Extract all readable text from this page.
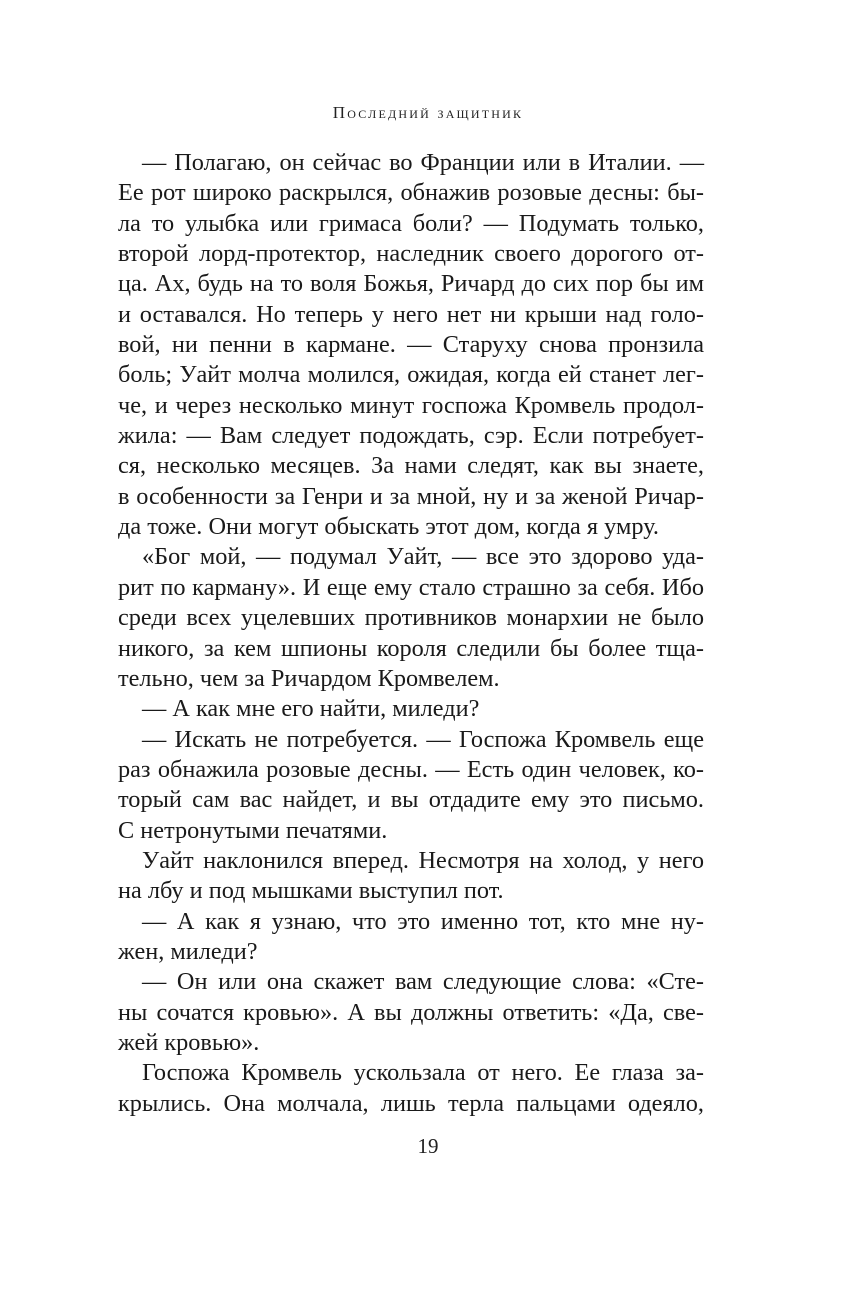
Последний защитник
— Полагаю, он сейчас во Франции или в Италии. —
Ее рот широко раскрылся, обнажив розовые десны: бы-
ла то улыбка или гримаса боли? — Подумать только,
второй лорд-протектор, наследник своего дорогого от-
ца. Ах, будь на то воля Божья, Ричард до сих пор бы им
и оставался. Но теперь у него нет ни крыши над голо-
вой, ни пенни в кармане. — Старуху снова пронзила
боль; Уайт молча молился, ожидая, когда ей станет лег-
че, и через несколько минут госпожа Кромвель продол-
жила: — Вам следует подождать, сэр. Если потребует-
ся, несколько месяцев. За нами следят, как вы знаете,
в особенности за Генри и за мной, ну и за женой Ричар-
да тоже. Они могут обыскать этот дом, когда я умру.
«Бог мой, — подумал Уайт, — все это здорово уда-
рит по карману». И еще ему стало страшно за себя. Ибо
среди всех уцелевших противников монархии не было
никого, за кем шпионы короля следили бы более тща-
тельно, чем за Ричардом Кромвелем.
— А как мне его найти, миледи?
— Искать не потребуется. — Госпожа Кромвель еще
раз обнажила розовые десны. — Есть один человек, ко-
торый сам вас найдет, и вы отдадите ему это письмо.
С нетронутыми печатями.
Уайт наклонился вперед. Несмотря на холод, у него
на лбу и под мышками выступил пот.
— А как я узнаю, что это именно тот, кто мне ну-
жен, миледи?
— Он или она скажет вам следующие слова: «Сте-
ны сочатся кровью». А вы должны ответить: «Да, све-
жей кровью».
Госпожа Кромвель ускользала от него. Ее глаза за-
крылись. Она молчала, лишь терла пальцами одеяло,
19
